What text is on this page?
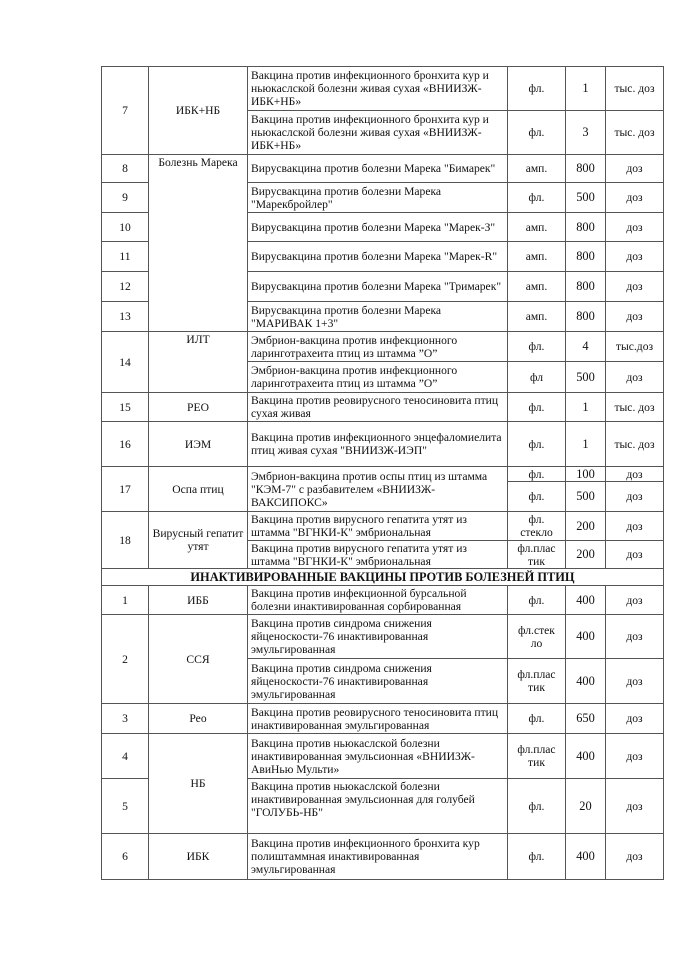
7	ИБК+НБ	Вакцина против инфекционного бронхита кур и ньюкаслской болезни живая сухая «ВНИИЗЖ-ИБК+НБ»	фл.	1	тыс. доз
		Вакцина против инфекционного бронхита кур и ньюкаслской болезни живая сухая «ВНИИЗЖ-ИБК+НБ»	фл.	3	тыс. доз
8	Болезнь Марека	Вирусвакцина против болезни Марека "Бимарек"	амп.	800	доз
9		Вирусвакцина против болезни Марека "Марекбройлер"	фл.	500	доз
10		Вирусвакцина против болезни Марека "Марек-З"	амп.	800	доз
11		Вирусвакцина против болезни Марека "Марек-R"	амп.	800	доз
12		Вирусвакцина против болезни Марека "Тримарек"	амп.	800	доз
13		Вирусвакцина против болезни Марека "МАРИВАК 1+3"	амп.	800	доз
14	ИЛТ	Эмбрион-вакцина против инфекционного ларинготрахеита птиц из штамма ”О”	фл.	4	тыс.доз
		Эмбрион-вакцина против инфекционного ларинготрахеита птиц из штамма ”О”	фл	500	доз
15	РЕО	Вакцина против реовирусного теносиновита птиц сухая живая	фл.	1	тыс. доз
16	ИЭМ	Вакцина против инфекционного энцефаломиелита птиц живая сухая "ВНИИЗЖ-ИЭП"	фл.	1	тыс. доз
17	Оспа птиц	Эмбрион-вакцина против оспы птиц из штамма "КЭМ-7" с разбавителем «ВНИИЗЖ-ВАКСИПОКС»	фл.	100	доз
			фл.	500	доз
18	Вирусный гепатит утят	Вакцина против вирусного гепатита утят из штамма "ВГНКИ-К" эмбриональная	фл. стекло	200	доз
		Вакцина против вирусного гепатита утят из штамма "ВГНКИ-К" эмбриональная	фл.плас тик	200	доз
ИНАКТИВИРОВАННЫЕ ВАКЦИНЫ ПРОТИВ БОЛЕЗНЕЙ ПТИЦ					
1	ИББ	Вакцина против инфекционной бурсальной болезни инактивированная сорбированная	фл.	400	доз
2	ССЯ	Вакцина против синдрома снижения яйценоскости-76 инактивированная эмульгированная	фл.стек ло	400	доз
		Вакцина против синдрома снижения яйценоскости-76 инактивированная эмульгированная	фл.плас тик	400	доз
3	Рео	Вакцина против реовирусного теносиновита птиц инактивированная эмульгированная	фл.	650	доз
4	НБ	Вакцина против ньюкаслской болезни инактивированная эмульсионная «ВНИИЗЖ-АвиНью Мульти»	фл.плас тик	400	доз
5		Вакцина против ньюкаслской болезни инактивированная эмульсионная для голубей "ГОЛУБЬ-НБ"	фл.	20	доз
6	ИБК	Вакцина против инфекционного бронхита кур полиштаммная инактивированная эмульгированная	фл.	400	доз
